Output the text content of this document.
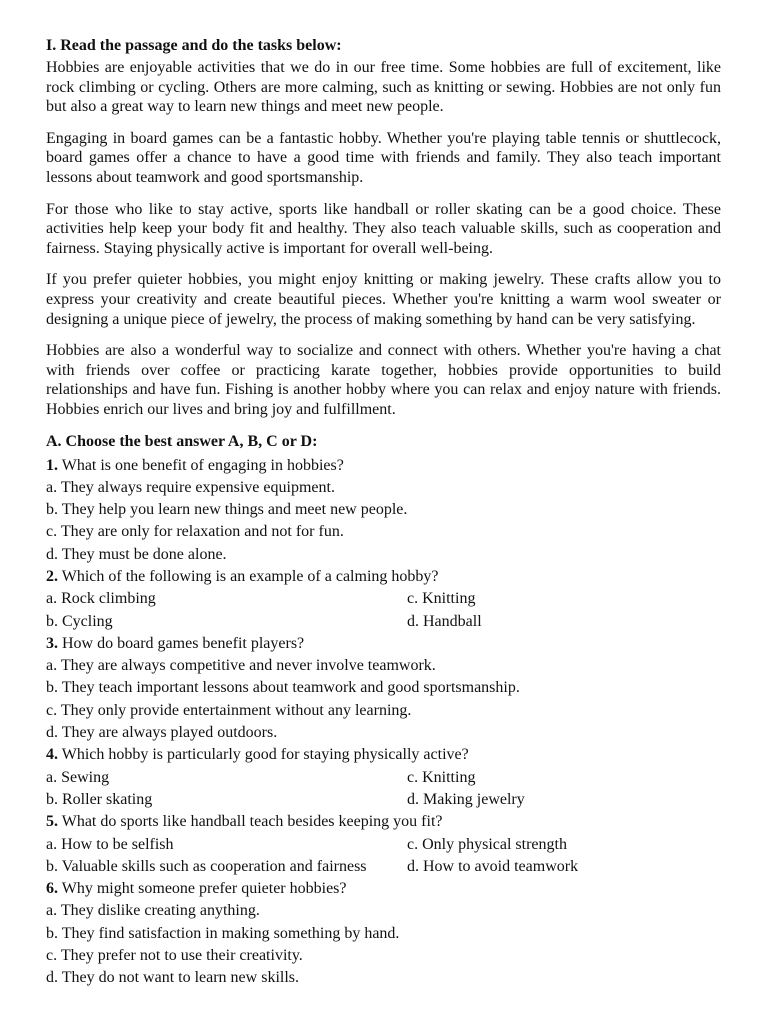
I. Read the passage and do the tasks below:

Hobbies are enjoyable activities that we do in our free time. Some hobbies are full of excitement, like rock climbing or cycling. Others are more calming, such as knitting or sewing. Hobbies are not only fun but also a great way to learn new things and meet new people.

Engaging in board games can be a fantastic hobby. Whether you're playing table tennis or shuttlecock, board games offer a chance to have a good time with friends and family. They also teach important lessons about teamwork and good sportsmanship.

For those who like to stay active, sports like handball or roller skating can be a good choice. These activities help keep your body fit and healthy. They also teach valuable skills, such as cooperation and fairness. Staying physically active is important for overall well-being.

If you prefer quieter hobbies, you might enjoy knitting or making jewelry. These crafts allow you to express your creativity and create beautiful pieces. Whether you're knitting a warm wool sweater or designing a unique piece of jewelry, the process of making something by hand can be very satisfying.

Hobbies are also a wonderful way to socialize and connect with others. Whether you're having a chat with friends over coffee or practicing karate together, hobbies provide opportunities to build relationships and have fun. Fishing is another hobby where you can relax and enjoy nature with friends. Hobbies enrich our lives and bring joy and fulfillment.

A. Choose the best answer A, B, C or D:
1. What is one benefit of engaging in hobbies?
a. They always require expensive equipment.
b. They help you learn new things and meet new people.
c. They are only for relaxation and not for fun.
d. They must be done alone.
2. Which of the following is an example of a calming hobby?
a. Rock climbing	c. Knitting
b. Cycling	d. Handball
3. How do board games benefit players?
a. They are always competitive and never involve teamwork.
b. They teach important lessons about teamwork and good sportsmanship.
c. They only provide entertainment without any learning.
d. They are always played outdoors.
4. Which hobby is particularly good for staying physically active?
a. Sewing	c. Knitting
b. Roller skating	d. Making jewelry
5. What do sports like handball teach besides keeping you fit?
a. How to be selfish	c. Only physical strength
b. Valuable skills such as cooperation and fairness	d. How to avoid teamwork
6. Why might someone prefer quieter hobbies?
a. They dislike creating anything.
b. They find satisfaction in making something by hand.
c. They prefer not to use their creativity.
d. They do not want to learn new skills.
